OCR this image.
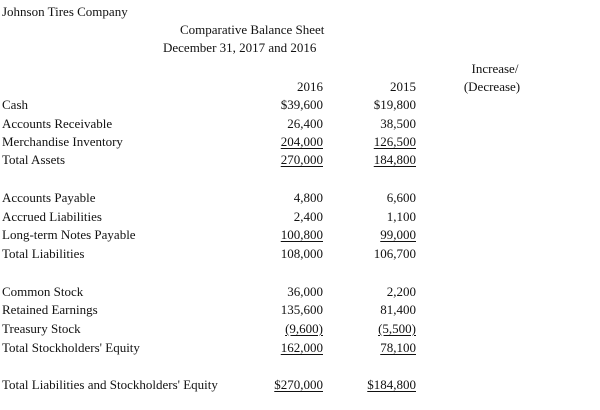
Johnson Tires Company
Comparative Balance Sheet
December 31, 2017 and 2016
Increase/
(Decrease)
2016	2015
Cash	$39,600	$19,800
Accounts Receivable	26,400	38,500
Merchandise Inventory	204,000	126,500
Total Assets	270,000	184,800
Accounts Payable	4,800	6,600
Accrued Liabilities	2,400	1,100
Long-term Notes Payable	100,800	99,000
Total Liabilities	108,000	106,700
Common Stock	36,000	2,200
Retained Earnings	135,600	81,400
Treasury Stock	(9,600)	(5,500)
Total Stockholders' Equity	162,000	78,100
Total Liabilities and Stockholders' Equity	$270,000	$184,800
